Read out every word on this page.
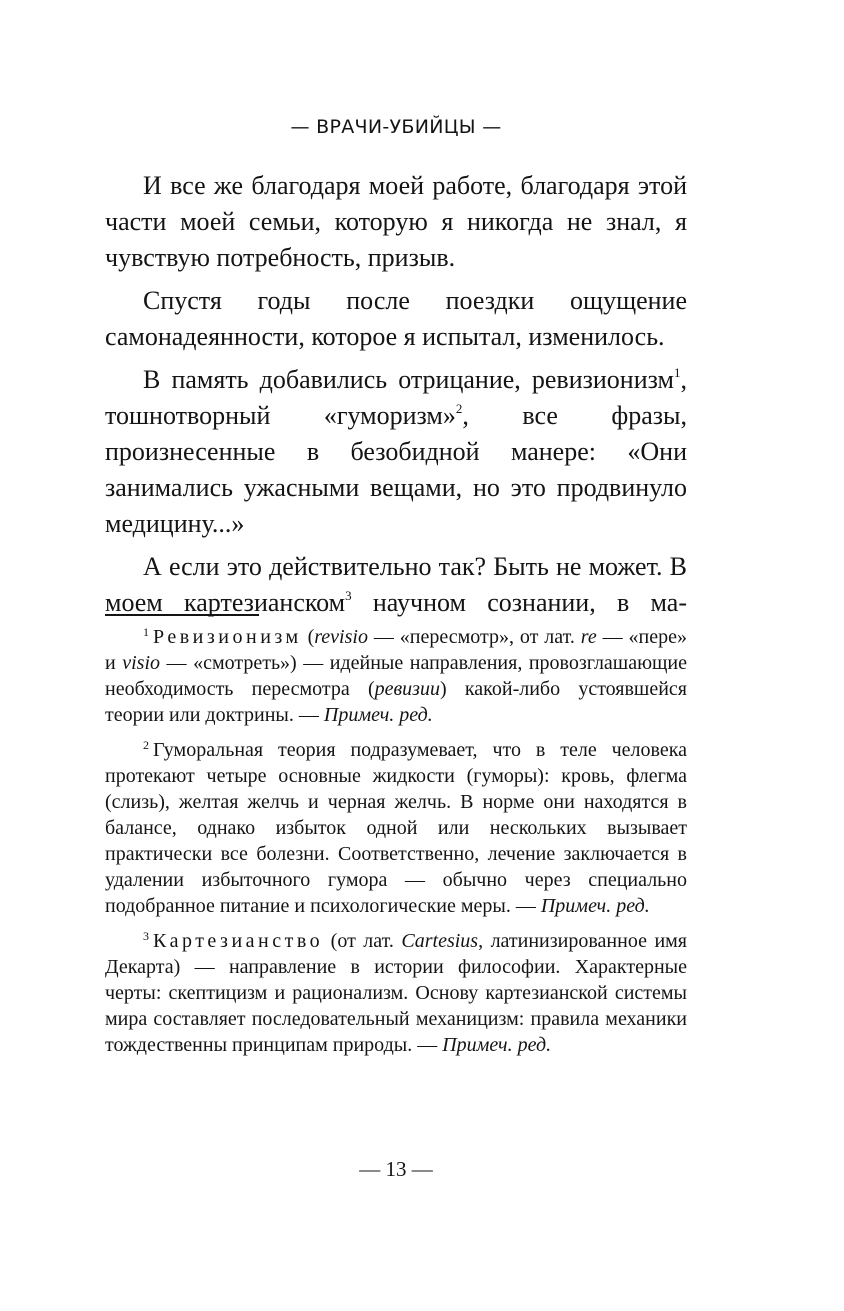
— ВРАЧИ-УБИЙЦЫ —

И все же благодаря моей работе, благодаря этой части моей семьи, которую я никогда не знал, я чувствую потребность, призыв.

Спустя годы после поездки ощущение самонадеянности, которое я испытал, изменилось.

В память добавились отрицание, ревизионизм$^1$, тошнотворный «гуморизм»$^2$, все фразы, произнесенные в безобидной манере: «Они занимались ужасными вещами, но это продвинуло медицину...»

А если это действительно так? Быть не может. В моем картезианском$^3$ научном сознании, в ма-

$^1$ Ревизионизм (revisio — «пересмотр», от лат. re — «пере» и visio — «смотреть») — идейные направления, провозглашающие необходимость пересмотра (ревизии) какой-либо устоявшейся теории или доктрины. — Примеч. ред.

$^2$ Гуморальная теория подразумевает, что в теле человека протекают четыре основные жидкости (гуморы): кровь, флегма (слизь), желтая желчь и черная желчь. В норме они находятся в балансе, однако избыток одной или нескольких вызывает практически все болезни. Соответственно, лечение заключается в удалении избыточного гумора — обычно через специально подобранное питание и психологические меры. — Примеч. ред.

$^3$ Картезианство (от лат. Cartesius, латинизированное имя Декарта) — направление в истории философии. Характерные черты: скептицизм и рационализм. Основу картезианской системы мира составляет последовательный механицизм: правила механики тождественны принципам природы. — Примеч. ред.

— 13 —
